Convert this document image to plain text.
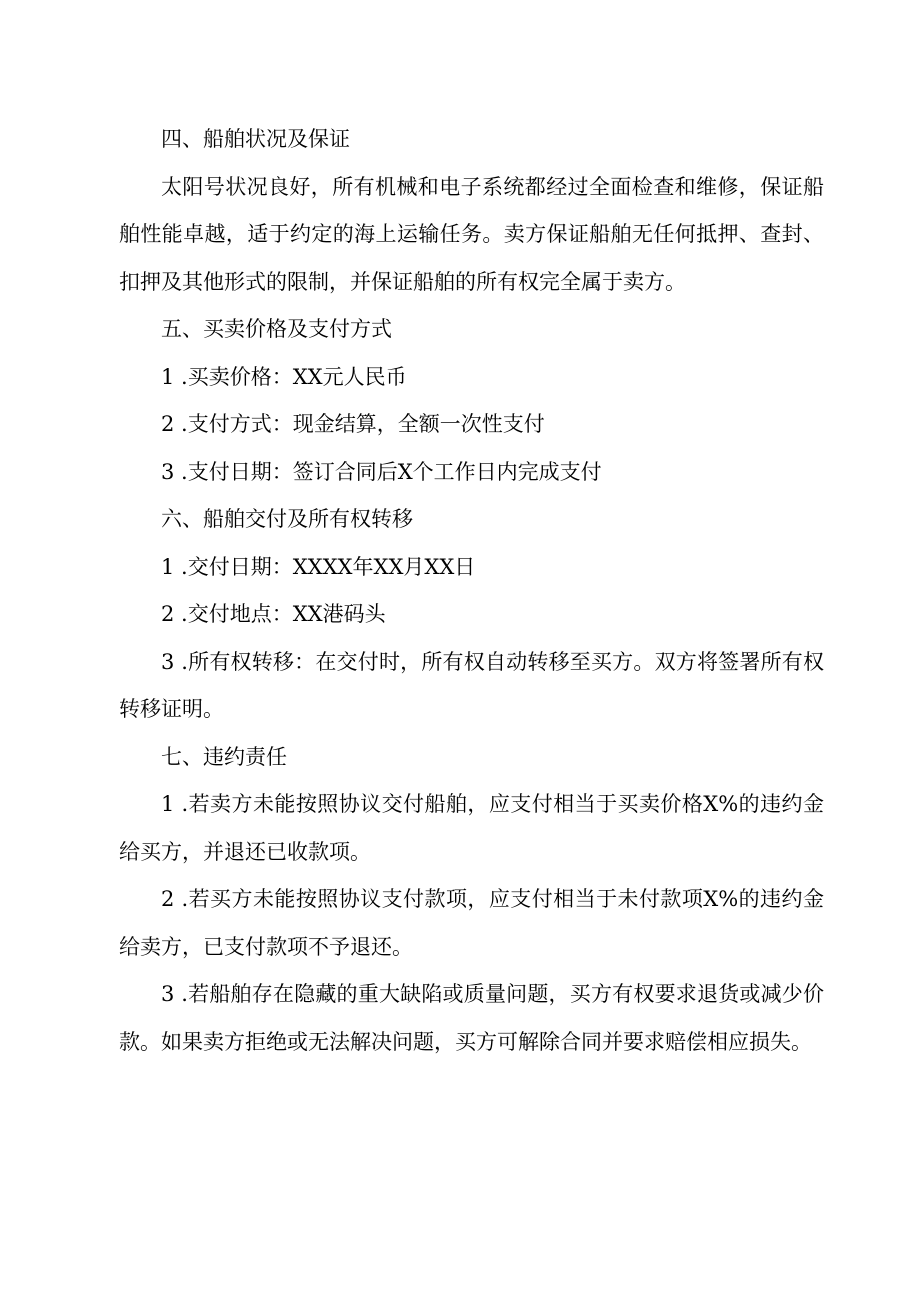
四、船舶状况及保证

太阳号状况良好，所有机械和电子系统都经过全面检查和维修，保证船舶性能卓越，适于约定的海上运输任务。卖方保证船舶无任何抵押、查封、扣押及其他形式的限制，并保证船舶的所有权完全属于卖方。

五、买卖价格及支付方式

1 .买卖价格：XX元人民币

2 .支付方式：现金结算，全额一次性支付

3 .支付日期：签订合同后X个工作日内完成支付

六、船舶交付及所有权转移

1 .交付日期：XXXX年XX月XX日

2 .交付地点：XX港码头

3 .所有权转移：在交付时，所有权自动转移至买方。双方将签署所有权转移证明。

七、违约责任

1 .若卖方未能按照协议交付船舶，应支付相当于买卖价格X%的违约金给买方，并退还已收款项。

2 .若买方未能按照协议支付款项，应支付相当于未付款项X%的违约金给卖方，已支付款项不予退还。

3 .若船舶存在隐藏的重大缺陷或质量问题，买方有权要求退货或减少价款。如果卖方拒绝或无法解决问题，买方可解除合同并要求赔偿相应损失。
